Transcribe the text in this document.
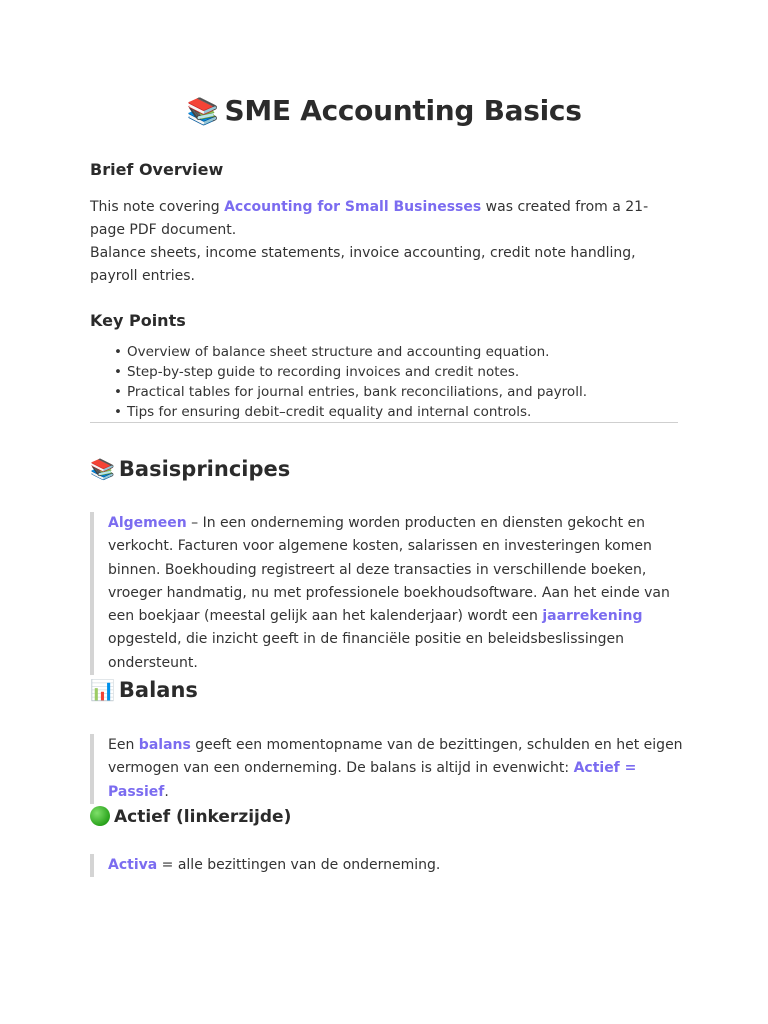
📚 SME Accounting Basics
Brief Overview
This note covering Accounting for Small Businesses was created from a 21-page PDF document.
Balance sheets, income statements, invoice accounting, credit note handling, payroll entries.
Key Points
• Overview of balance sheet structure and accounting equation.
• Step-by-step guide to recording invoices and credit notes.
• Practical tables for journal entries, bank reconciliations, and payroll.
• Tips for ensuring debit–credit equality and internal controls.
📚 Basisprincipes
Algemeen – In een onderneming worden producten en diensten gekocht en verkocht. Facturen voor algemene kosten, salarissen en investeringen komen binnen. Boekhouding registreert al deze transacties in verschillende boeken, vroeger handmatig, nu met professionele boekhoudsoftware. Aan het einde van een boekjaar (meestal gelijk aan het kalenderjaar) wordt een jaarrekening opgesteld, die inzicht geeft in de financiële positie en beleidsbeslissingen ondersteunt.
📊 Balans
Een balans geeft een momentopname van de bezittingen, schulden en het eigen vermogen van een onderneming. De balans is altijd in evenwicht: Actief = Passief.
Actief (linkerzijde)
Activa = alle bezittingen van de onderneming.
